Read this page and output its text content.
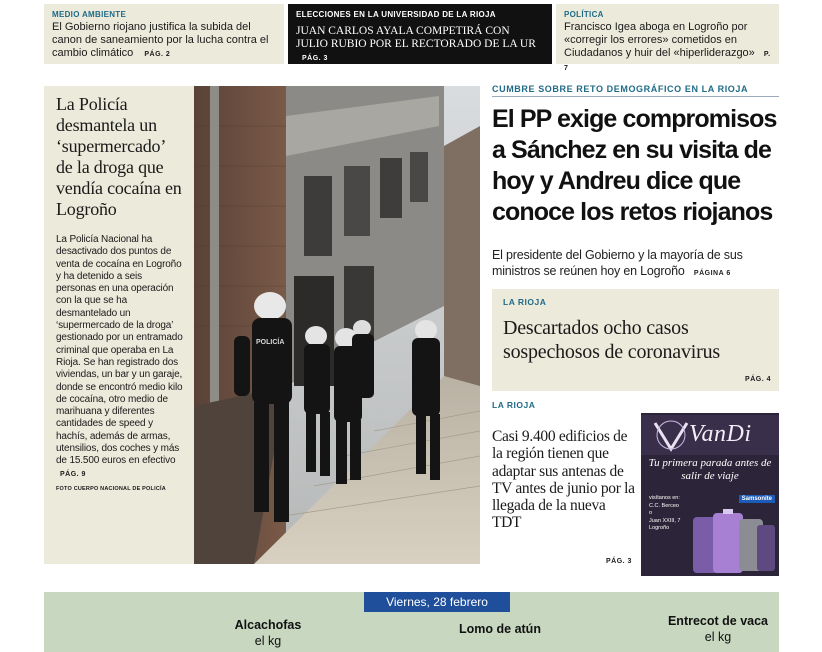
MEDIO AMBIENTE
El Gobierno riojano justifica la subida del canon de saneamiento por la lucha contra el cambio climático PÁG. 2
ELECCIONES EN LA UNIVERSIDAD DE LA RIOJA
JUAN CARLOS AYALA COMPETIRÁ CON JULIO RUBIO POR EL RECTORADO DE LA UR PÁG. 3
POLÍTICA
Francisco Igea aboga en Logroño por «corregir los errores» cometidos en Ciudadanos y huir del «hiperliderazgo» P. 7
La Policía desmantela un ‘supermercado’ de la droga que vendía cocaína en Logroño
La Policía Nacional ha desactivado dos puntos de venta de cocaína en Logroño y ha detenido a seis personas en una operación con la que se ha desmantelado un ‘supermercado de la droga’ gestionado por un entramado criminal que operaba en La Rioja. Se han registrado dos viviendas, un bar y un garaje, donde se encontró medio kilo de cocaína, otro medio de marihuana y diferentes cantidades de speed y hachís, además de armas, utensilios, dos coches y más de 15.500 euros en efectivo PÁG. 9
FOTO CUERPO NACIONAL DE POLICÍA
POLICÍA
CUMBRE SOBRE RETO DEMOGRÁFICO EN LA RIOJA
El PP exige compromisos a Sánchez en su visita de hoy y Andreu dice que conoce los retos riojanos
El presidente del Gobierno y la mayoría de sus ministros se reúnen hoy en Logroño PÁGINA 6
LA RIOJA
Descartados ocho casos sospechosos de coronavirus
PÁG. 4
LA RIOJA
Casi 9.400 edificios de la región tienen que adaptar sus antenas de TV antes de junio por la llegada de la nueva TDT
PÁG. 3
VanDi
Tu primera parada antes de salir de viaje
visítanos en:
C.C. Berceo
o
Juan XXIII, 7
Logroño
Samsonite
Viernes, 28 febrero
Alcachofas
el kg
Lomo de atún
Entrecot de vaca
el kg
